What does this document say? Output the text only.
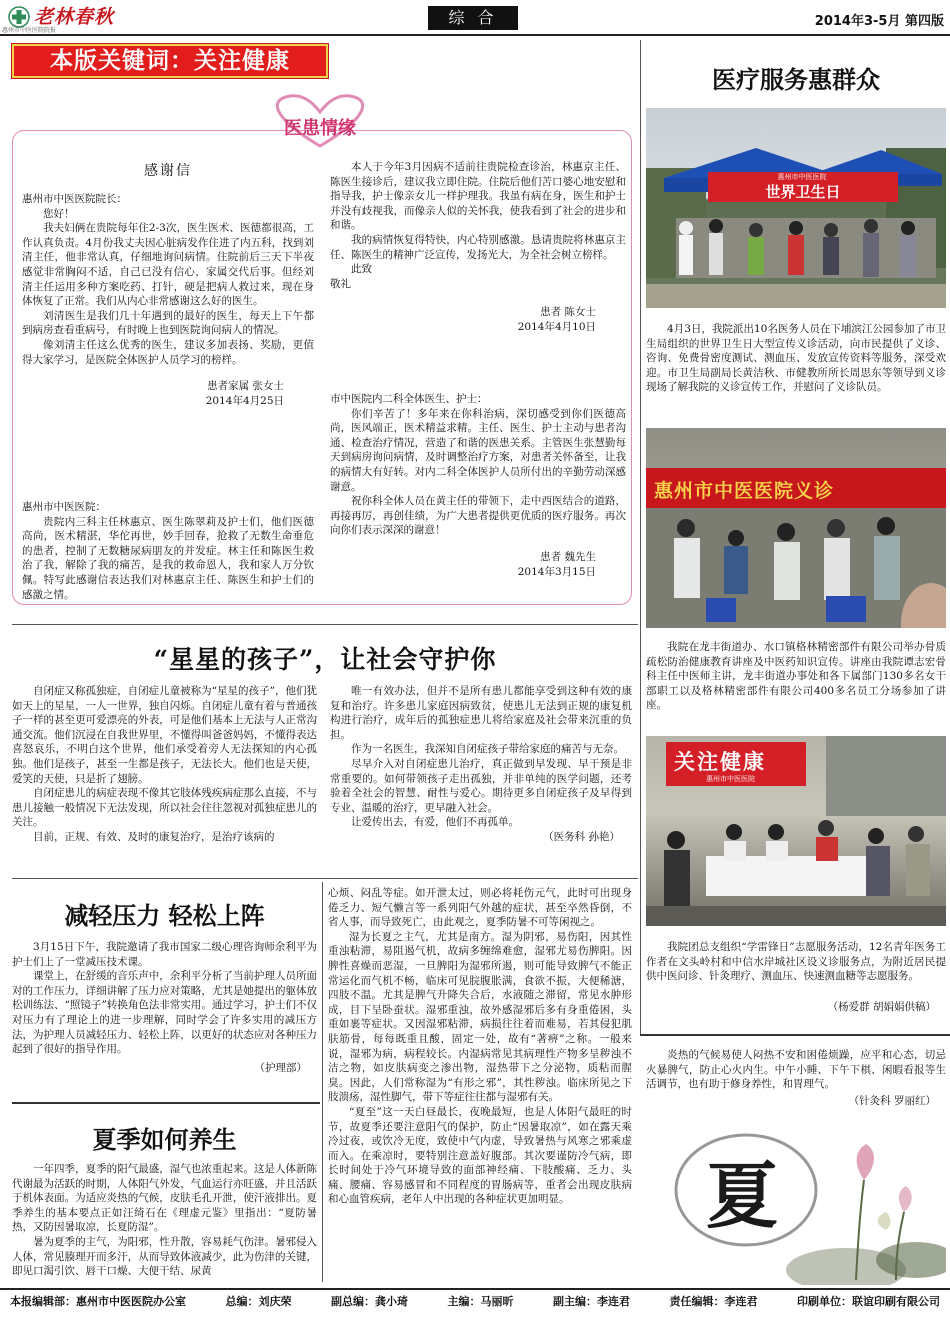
老林春秋
惠州市中医医院院报
综 合	2014年3-5月 第四版
本版关键词：关注健康
医患情缘
感谢信

惠州市中医医院院长：

您好！

我夫妇俩在贵院每年住2-3次，医生医术、医德都很高，工作认真负责。4月份我丈夫因心脏病发作住进了内五科，找到刘清主任，他非常认真，仔细地询问病情。住院前后三天下半夜感觉非常胸闷不适，自己已没有信心，家属交代后事。但经刘清主任运用多种方案吃药、打针，硬是把病人救过来，现在身体恢复了正常。我们从内心非常感谢这么好的医生。

刘清医生是我们几十年遇到的最好的医生，每天上下午都到病房查看重病号，有时晚上也到医院询问病人的情况。

像刘清主任这么优秀的医生，建议多加表扬、奖励，更值得大家学习，是医院全体医护人员学习的榜样。

患者家属 张女士
2014年4月25日

惠州市中医医院：

贵院内三科主任林惠京、医生陈翠莉及护士们，他们医德高尚，医术精湛，华佗再世，妙手回春，抢救了无数生命垂危的患者，控制了无数糖尿病朋友的并发症。林主任和陈医生救治了我，解除了我的痛苦，是我的救命恩人，我和家人万分钦佩。特写此感谢信表达我们对林惠京主任、陈医生和护士们的感激之情。

本人于今年3月因病不适前往贵院检查诊治，林惠京主任、陈医生接诊后，建议我立即住院。住院后他们苦口婆心地安慰和指导我，护士像亲女儿一样护理我。我虽有病在身，医生和护士并没有歧视我，而像亲人似的关怀我，使我看到了社会的进步和和谐。

我的病情恢复得特快，内心特别感激。恳请贵院将林惠京主任、陈医生的精神广泛宣传，发扬光大，为全社会树立榜样。

此致

敬礼

患者 陈女士
2014年4月10日

市中医院内二科全体医生、护士：

你们辛苦了！多年来在你科治病，深切感受到你们医德高尚，医风端正，医术精益求精。主任、医生、护士主动与患者沟通、检查治疗情况，营造了和谐的医患关系。主管医生张慧勤每天到病房询问病情，及时调整治疗方案，对患者关怀备至，让我的病情大有好转。对内二科全体医护人员所付出的辛勤劳动深感谢意。

祝你科全体人员在黄主任的带领下，走中西医结合的道路，再接再厉，再创佳绩，为广大患者提供更优质的医疗服务。再次向你们表示深深的谢意！

患者 魏先生
2014年3月15日
“星星的孩子”，让社会守护你

自闭症又称孤独症，自闭症儿童被称为“星星的孩子”，他们犹如天上的星星，一人一世界，独自闪烁。自闭症儿童有着与普通孩子一样的甚至更可爱漂亮的外表，可是他们基本上无法与人正常沟通交流。他们沉浸在自我世界里，不懂得叫爸爸妈妈，不懂得表达喜怒哀乐，不明白这个世界，他们承受着旁人无法探知的内心孤独。他们是孩子，甚至一生都是孩子，无法长大。他们也是天使，爱笑的天使，只是折了翅膀。

自闭症患儿的病症表现不像其它肢体残疾病症那么直接，不与患儿接触一般情况下无法发现，所以社会往往忽视对孤独症患儿的关注。

目前，正规、有效、及时的康复治疗，是治疗该病的

唯一有效办法，但并不是所有患儿都能享受到这种有效的康复和治疗。许多患儿家庭因病致贫，使患儿无法到正规的康复机构进行治疗，成年后的孤独症患儿将给家庭及社会带来沉重的负担。

作为一名医生，我深知自闭症孩子带给家庭的痛苦与无奈。

尽早介入对自闭症患儿治疗，真正做到早发现、早干预是非常重要的。如何带领孩子走出孤独，并非单纯的医学问题，还考验着全社会的智慧、耐性与爱心。期待更多自闭症孩子及早得到专业、温暖的治疗，更早融入社会。

让爱传出去，有爱，他们不再孤单。

（医务科 孙艳）
减轻压力 轻松上阵

3月15日下午，我院邀请了我市国家二级心理咨询师余利平为护士们上了一堂减压技术课。

课堂上，在舒缓的音乐声中，余利平分析了当前护理人员所面对的工作压力，详细讲解了压力应对策略，尤其是她提出的躯体放松训练法、“照镜子”转换角色法非常实用。通过学习，护士们不仅对压力有了理论上的进一步理解，同时学会了许多实用的减压方法，为护理人员减轻压力、轻松上阵，以更好的状态应对各种压力起到了很好的指导作用。

（护理部）
夏季如何养生

一年四季，夏季的阳气最盛，湿气也浓重起来。这是人体新陈代谢最为活跃的时期，人体阳气外发，气血运行亦旺盛，并且活跃于机体表面。为适应炎热的气候，皮肤毛孔开泄，使汗液排出。夏季养生的基本要点正如汪绮石在《理虚元鉴》里指出：“夏防暑热，又防因暑取凉，长夏防湿”。

暑为夏季的主气，为阳邪，性升散，容易耗气伤津。暑邪侵入人体，常见腠理开而多汗，从而导致体液减少，此为伤津的关键，即见口渴引饮、唇干口燥、大便干结、尿黄

心烦、闷乱等症。如开泄太过，则必将耗伤元气，此时可出现身倦乏力、短气懒言等一系列阳气外越的症状，甚至卒然昏倒，不省人事，而导致死亡，由此观之，夏季防暑不可等闲视之。

湿为长夏之主气，尤其是南方。湿为阴邪，易伤阳，因其性重浊粘滞，易阻遏气机，故病多缠绵难愈，湿邪尤易伤脾阳。因脾性喜燥而恶湿，一旦脾阳为湿邪所遏，则可能导致脾气不能正常运化而气机不畅，临床可见脘腹胀满，食欲不振，大便稀溏，四肢不温。尤其是脾气升降失合后，水液随之滞留，常见水肿形成，目下呈卧蚕状。湿邪重浊，故外感湿邪后多有身重倦困，头重如裹等症状。又因湿邪粘滞，病损往往着而难易，若其侵犯肌肤筋骨，每每既重且酸，固定一处，故有“著痹”之称。一般来说，湿邪为病，病程较长。内湿病常见其病理性产物多呈秽浊不洁之物，如皮肤病变之渗出物，湿热带下之分泌物，质粘而腥臭。因此，人们常称湿为“有形之邪”，其性秽浊。临床所见之下肢溃疡，湿性脚气，带下等症往往都与湿邪有关。

“夏至”这一天白昼最长，夜晚最短，也是人体阳气最旺的时节，故夏季还要注意阳气的保护，防止“因暑取凉”，如在露天乘冷过夜，或饮冷无度，致使中气内虚，导致暑热与风寒之邪乘虚而入。在乘凉时，要特别注意盖好腹部。其次要谨防冷气病，即长时间处于冷气环境导致的面部神经痛、下肢酸痛、乏力、头痛、腰痛、容易感冒和不同程度的胃肠病等，重者会出现皮肤病和心血管疾病，老年人中出现的各种症状更加明显。

医疗服务惠群众
惠州市中医医院
世界卫生日
4月3日，我院派出10名医务人员在下埔滨江公园参加了市卫生局组织的世界卫生日大型宣传义诊活动，向市民提供了义诊、咨询、免费骨密度测试、测血压、发放宣传资料等服务，深受欢迎。市卫生局副局长黄洁秋、市健教所所长周思东等领导到义诊现场了解我院的义诊宣传工作，并慰问了义诊队员。
惠州市中医医院义诊
我院在龙丰街道办、水口镇格林精密部件有限公司举办骨质疏松防治健康教育讲座及中医药知识宣传。讲座由我院谭志宏骨科主任中医师主讲，龙丰街道办事处和各下属部门130多名女干部职工以及格林精密部件有限公司400多名员工分场参加了讲座。
关注健康
惠州市中医医院
我院团总支组织“学雷锋日”志愿服务活动，12名青年医务工作者在文头岭村和中信水岸城社区设义诊服务点，为附近居民提供中医问诊、针灸理疗、测血压、快速测血糖等志愿服务。
（杨爱群 胡娟娟供稿）
炎热的气候易使人闷热不安和困倦烦躁，应平和心态，切忌火暴脾气，防止心火内生。中午小睡、下午下棋、闲暇看报等生活调节，也有助于修身养性，和胃理气。
（针灸科 罗丽红）
夏
本报编辑部：惠州市中医医院办公室	总编：刘庆荣	副总编：龚小琦	主编：马丽昕	副主编：李连君	责任编辑：李连君	印刷单位：联谊印刷有限公司
